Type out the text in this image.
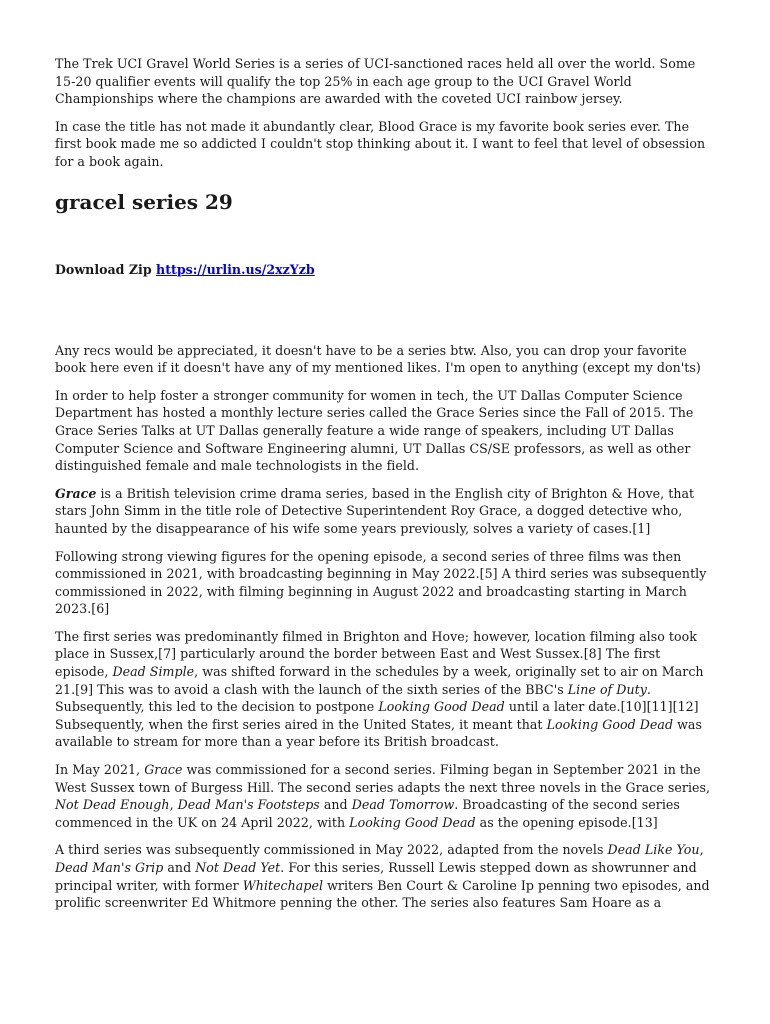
The Trek UCI Gravel World Series is a series of UCI-sanctioned races held all over the world. Some 15-20 qualifier events will qualify the top 25% in each age group to the UCI Gravel World Championships where the champions are awarded with the coveted UCI rainbow jersey.

In case the title has not made it abundantly clear, Blood Grace is my favorite book series ever. The first book made me so addicted I couldn't stop thinking about it. I want to feel that level of obsession for a book again.

gracel series 29
Download Zip https://urlin.us/2xzYzb

Any recs would be appreciated, it doesn't have to be a series btw. Also, you can drop your favorite book here even if it doesn't have any of my mentioned likes. I'm open to anything (except my don'ts)

In order to help foster a stronger community for women in tech, the UT Dallas Computer Science Department has hosted a monthly lecture series called the Grace Series since the Fall of 2015. The Grace Series Talks at UT Dallas generally feature a wide range of speakers, including UT Dallas Computer Science and Software Engineering alumni, UT Dallas CS/SE professors, as well as other distinguished female and male technologists in the field.

Grace is a British television crime drama series, based in the English city of Brighton & Hove, that stars John Simm in the title role of Detective Superintendent Roy Grace, a dogged detective who, haunted by the disappearance of his wife some years previously, solves a variety of cases.[1]

Following strong viewing figures for the opening episode, a second series of three films was then commissioned in 2021, with broadcasting beginning in May 2022.[5] A third series was subsequently commissioned in 2022, with filming beginning in August 2022 and broadcasting starting in March 2023.[6]

The first series was predominantly filmed in Brighton and Hove; however, location filming also took place in Sussex,[7] particularly around the border between East and West Sussex.[8] The first episode, Dead Simple, was shifted forward in the schedules by a week, originally set to air on March 21.[9] This was to avoid a clash with the launch of the sixth series of the BBC's Line of Duty. Subsequently, this led to the decision to postpone Looking Good Dead until a later date.[10][11][12] Subsequently, when the first series aired in the United States, it meant that Looking Good Dead was available to stream for more than a year before its British broadcast.

In May 2021, Grace was commissioned for a second series. Filming began in September 2021 in the West Sussex town of Burgess Hill. The second series adapts the next three novels in the Grace series, Not Dead Enough, Dead Man's Footsteps and Dead Tomorrow. Broadcasting of the second series commenced in the UK on 24 April 2022, with Looking Good Dead as the opening episode.[13]

A third series was subsequently commissioned in May 2022, adapted from the novels Dead Like You, Dead Man's Grip and Not Dead Yet. For this series, Russell Lewis stepped down as showrunner and principal writer, with former Whitechapel writers Ben Court & Caroline Ip penning two episodes, and prolific screenwriter Ed Whitmore penning the other. The series also features Sam Hoare as a
